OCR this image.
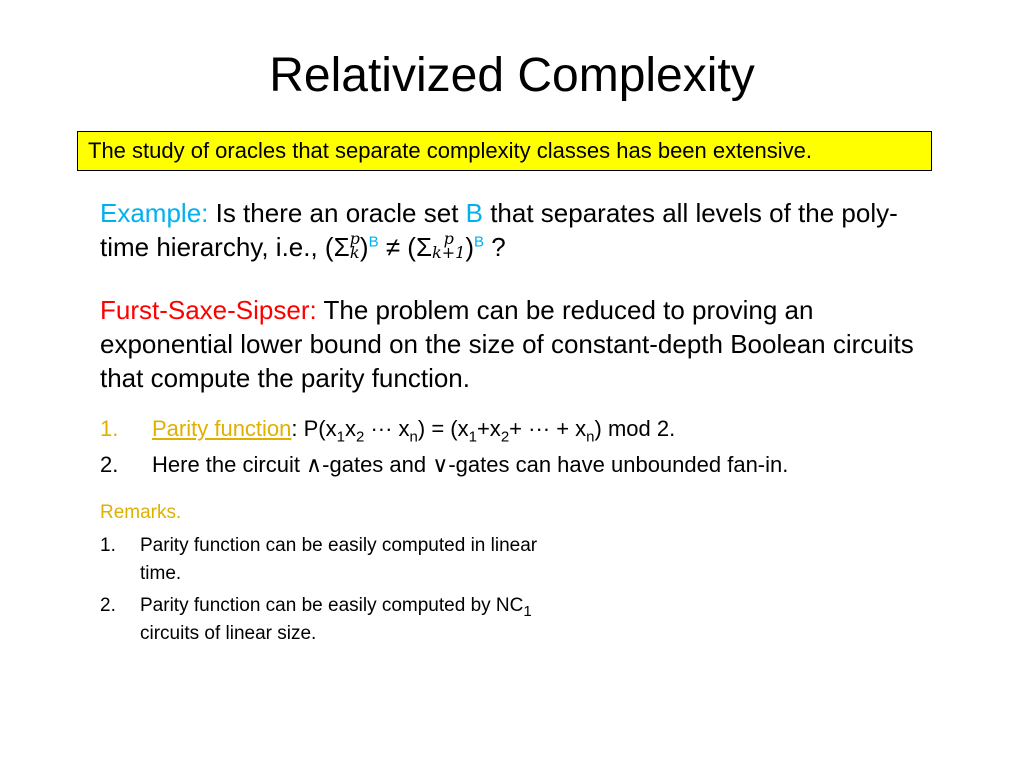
Relativized Complexity
The study of oracles that separate complexity classes has been extensive.
Example: Is there an oracle set B that separates all levels of the poly-time hierarchy, i.e., (Σ p
k )$^B$ ≠ (Σ p
k+1 )$^B$ ?
Furst-Saxe-Sipser: The problem can be reduced to proving an exponential lower bound on the size of constant-depth Boolean circuits that compute the parity function.
1. Parity function: $P(x_1x_2$ ··· $x_n) = (x_1+x_2+$ ··· + $x_n$) mod 2.
2. Here the circuit ∧-gates and ∨-gates can have unbounded fan-in.
Remarks.
1. Parity function can be easily computed in linear time.
2. Parity function can be easily computed by $NC_1$ circuits of linear size.
